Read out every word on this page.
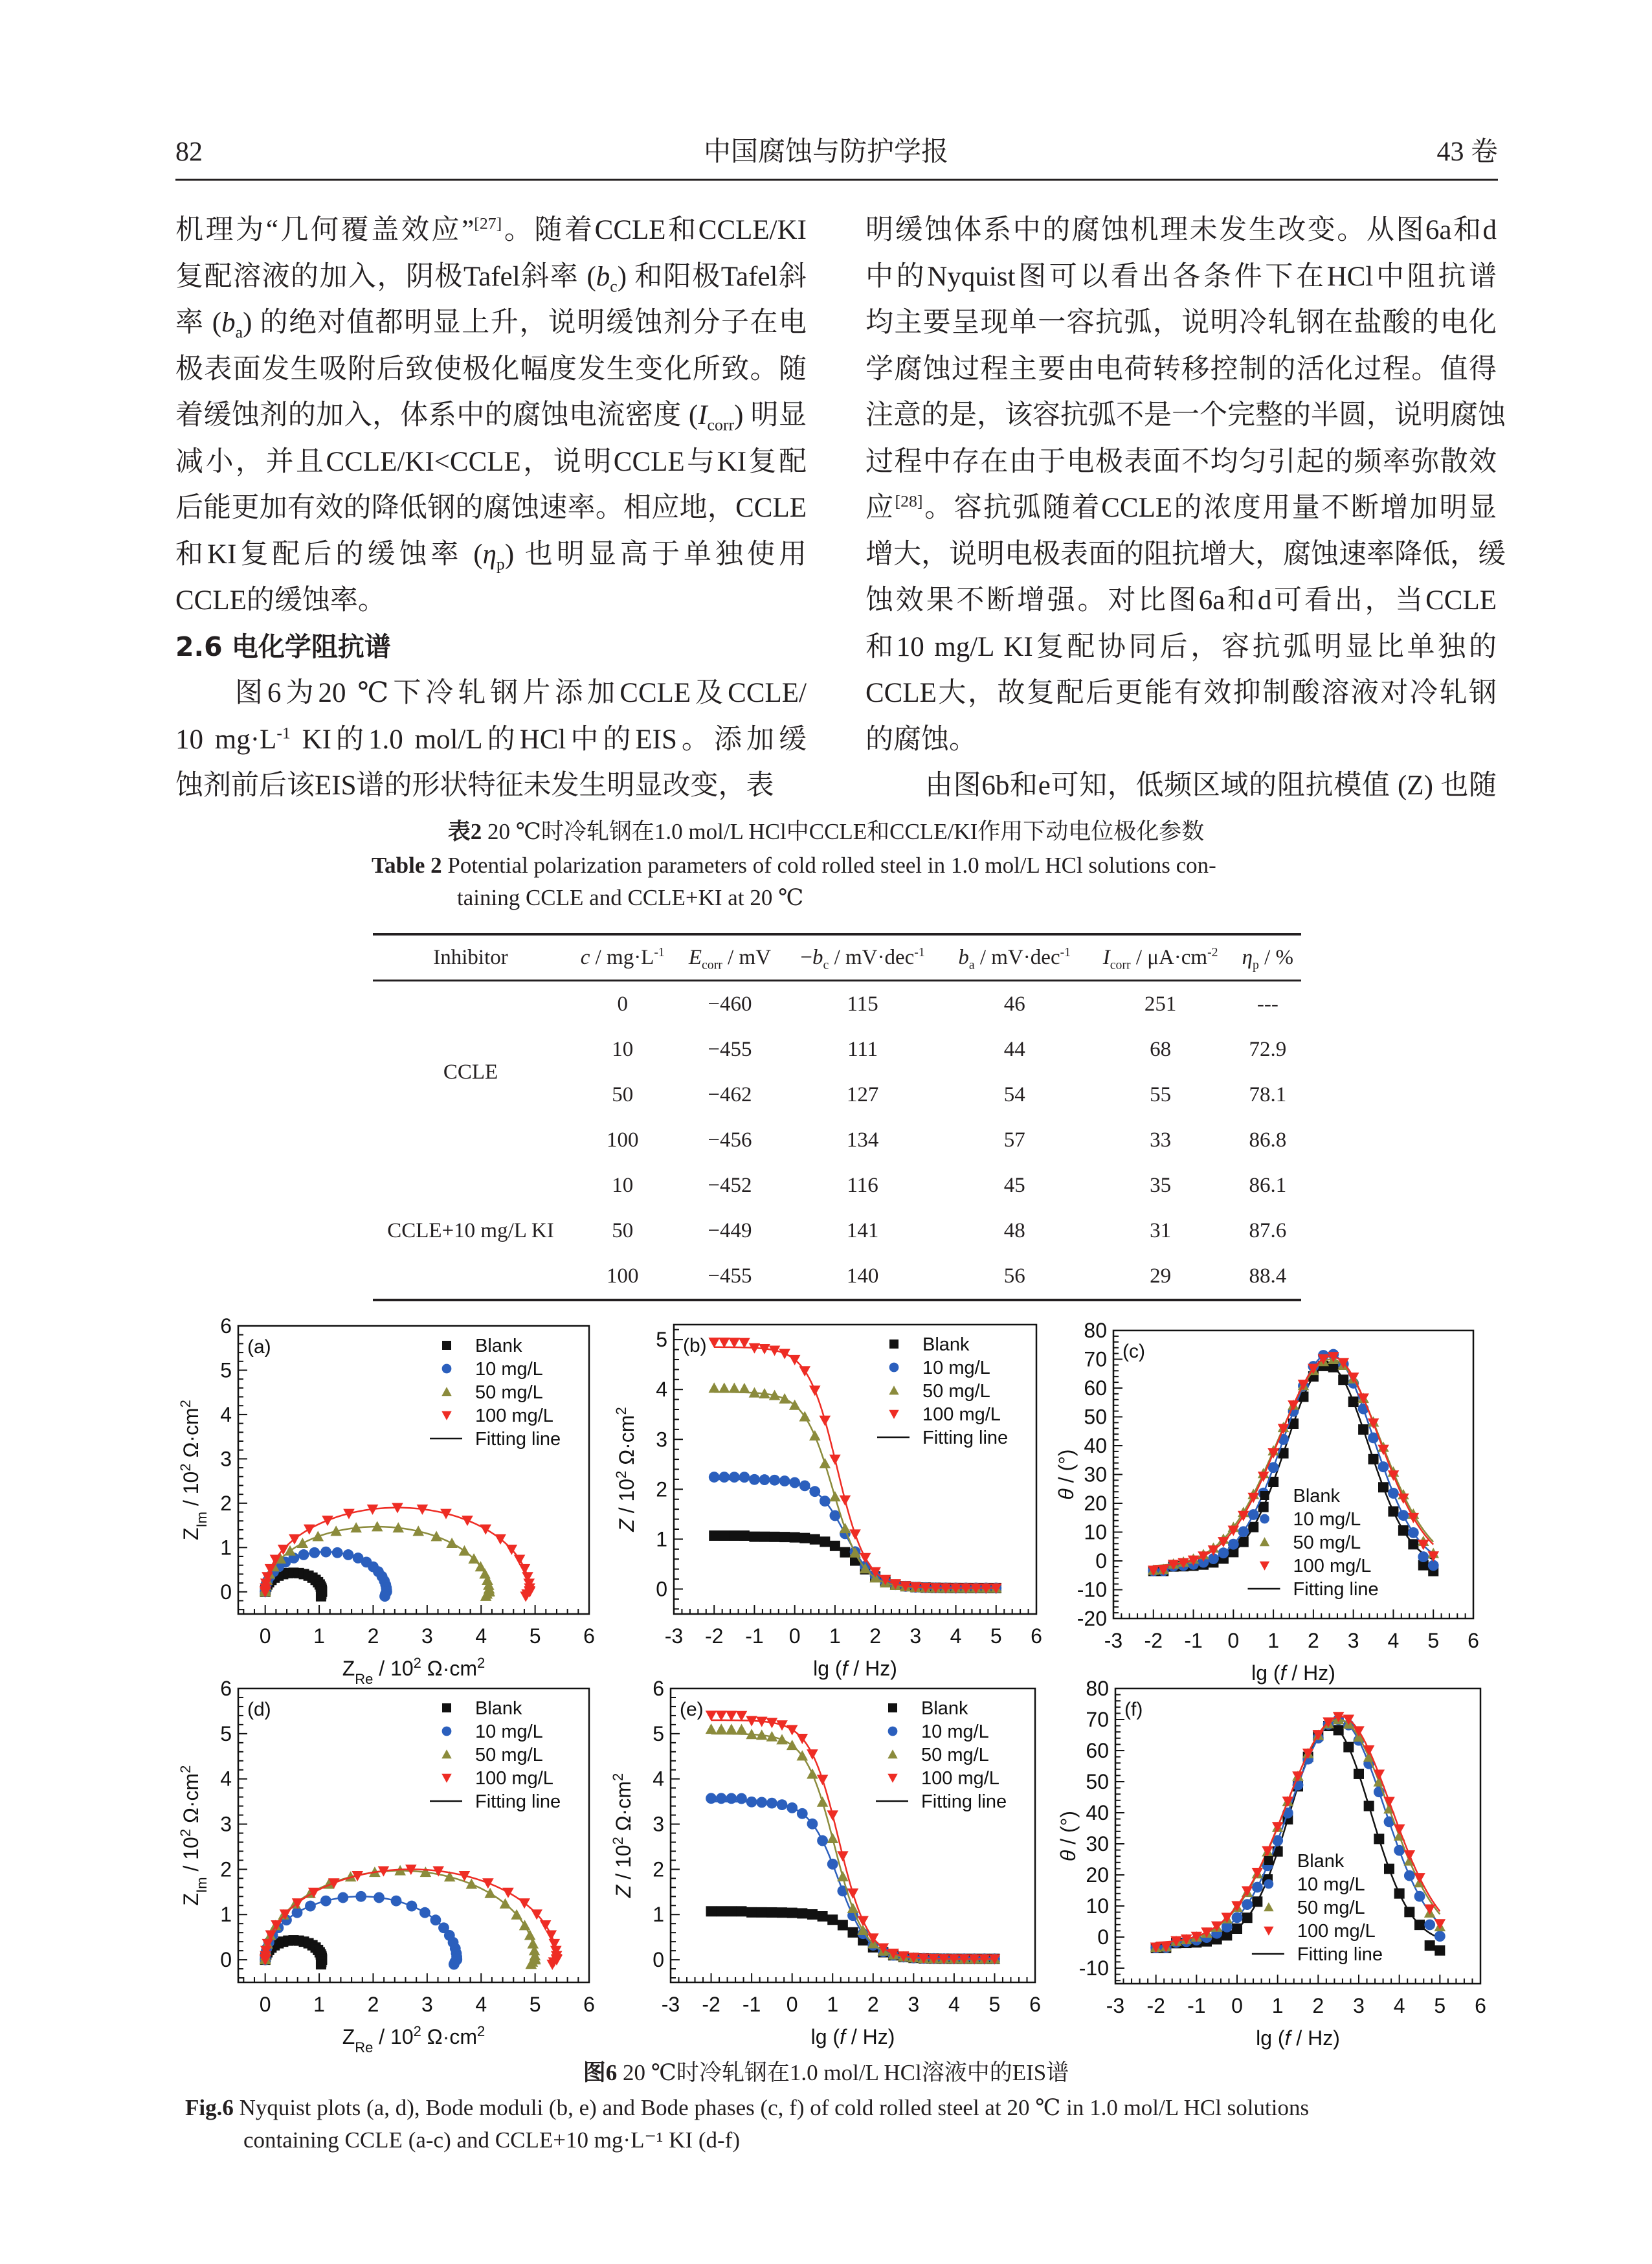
82	中国腐蚀与防护学报	43 卷
机理为“几何覆盖效应”[27]。随着CCLE和CCLE/KI
复配溶液的加入，阴极Tafel斜率 $(b_c)$ 和阳极Tafel斜
率 $(b_a)$ 的绝对值都明显上升，说明缓蚀剂分子在电
极表面发生吸附后致使极化幅度发生变化所致。随
着缓蚀剂的加入，体系中的腐蚀电流密度 $(I_{corr})$ 明显
减小，并且CCLE/KI<CCLE，说明CCLE与KI复配
后能更加有效的降低钢的腐蚀速率。相应地，CCLE
和KI复配后的缓蚀率 $(\eta_p)$ 也明显高于单独使用
CCLE的缓蚀率。
2.6 电化学阻抗谱
图6为20 ℃下冷轧钢片添加CCLE及CCLE/
10 $mg\cdot L^{-1}$ KI的1.0 mol/L的HCl中的EIS。添加缓
蚀剂前后该EIS谱的形状特征未发生明显改变，表
明缓蚀体系中的腐蚀机理未发生改变。从图6a和d
中的Nyquist图可以看出各条件下在HCl中阻抗谱
均主要呈现单一容抗弧，说明冷轧钢在盐酸的电化
学腐蚀过程主要由电荷转移控制的活化过程。值得
注意的是，该容抗弧不是一个完整的半圆，说明腐蚀
过程中存在由于电极表面不均匀引起的频率弥散效
应[28]。容抗弧随着CCLE的浓度用量不断增加明显
增大，说明电极表面的阻抗增大，腐蚀速率降低，缓
蚀效果不断增强。对比图6a和d可看出，当CCLE
和10 mg/L KI复配协同后，容抗弧明显比单独的
CCLE大，故复配后更能有效抑制酸溶液对冷轧钢
的腐蚀。
由图6b和e可知，低频区域的阻抗模值 (Z) 也随
表2 20 ℃时冷轧钢在1.0 mol/L HCl中CCLE和CCLE/KI作用下动电位极化参数
Table 2 Potential polarization parameters of cold rolled steel in 1.0 mol/L HCl solutions con-
taining CCLE and CCLE+KI at 20 ℃
Inhibitor	$c / mg\cdot L^{-1}$	$E_{corr}$ / mV	$-b_c / mV\cdot dec^{-1}$	$b_a / mV\cdot dec^{-1}$	$I_{corr} / \mu A\cdot cm^{-2}$	$\eta_p$ / %
CCLE	0	−460	115	46	251	---
	10	−455	111	44	68	72.9
	50	−462	127	54	55	78.1
	100	−456	134	57	33	86.8
CCLE+10 mg/L KI	10	−452	116	45	35	86.1
	50	−449	141	48	31	87.6
	100	−455	140	56	29	88.4
0 1 2 3 4 5 6
0
1
2
3
4
5
6
$Z_{Re} / 10^2$ $\Omega\cdot cm^2$
$Z_{Im} / 10^2$ $\Omega\cdot cm^2$
(a)	Blank
10 mg/L
50 mg/L
100 mg/L
Fitting line
-3 -2 -1 0 1 2 3 4 5 6
0
1
2
3
4
5
lg (f / Hz)
Z / $10^2$ $\Omega\cdot cm^2$
(b)	Blank
10 mg/L
50 mg/L
100 mg/L
Fitting line
-3 -2 -1 0 1 2 3 4 5 6
-20
-10
0
10
20
30
40
50
60
70
80
lg (f / Hz)
θ / (°)
(c)
Blank
10 mg/L
50 mg/L
100 mg/L
Fitting line
0 1 2 3 4 5 6
0
1
2
3
4
5
6
$Z_{Re} / 10^2$ $\Omega\cdot cm^2$
$Z_{Im} / 10^2$ $\Omega\cdot cm^2$
(d)	Blank
10 mg/L
50 mg/L
100 mg/L
Fitting line
-3 -2 -1 0 1 2 3 4 5 6
0
1
2
3
4
5
6
lg (f / Hz)
Z / $10^2$ $\Omega\cdot cm^2$
(e)	Blank
10 mg/L
50 mg/L
100 mg/L
Fitting line
-3 -2 -1 0 1 2 3 4 5 6
-10
0
10
20
30
40
50
60
70
80
lg (f / Hz)
θ / (°)
(f)
Blank
10 mg/L
50 mg/L
100 mg/L
Fitting line
图6 20 ℃时冷轧钢在1.0 mol/L HCl溶液中的EIS谱
Fig.6 Nyquist plots (a, d), Bode moduli (b, e) and Bode phases (c, f) of cold rolled steel at 20 ℃ in 1.0 mol/L HCl solutions
containing CCLE (a-c) and CCLE+10 mg·L⁻¹ KI (d-f)
